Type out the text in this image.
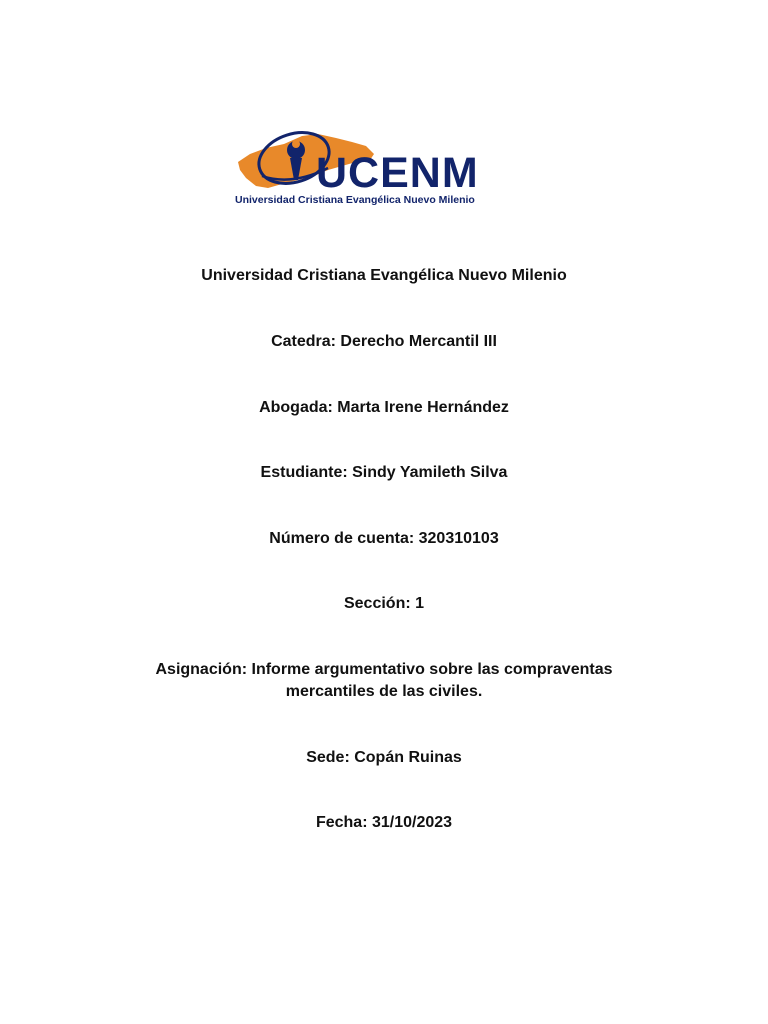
UCENM
Universidad Cristiana Evangélica Nuevo Milenio
Universidad Cristiana Evangélica Nuevo Milenio
Catedra: Derecho Mercantil III
Abogada: Marta Irene Hernández
Estudiante: Sindy Yamileth Silva
Número de cuenta: 320310103
Sección: 1
Asignación: Informe argumentativo sobre las compraventas
mercantiles de las civiles.
Sede: Copán Ruinas
Fecha: 31/10/2023
